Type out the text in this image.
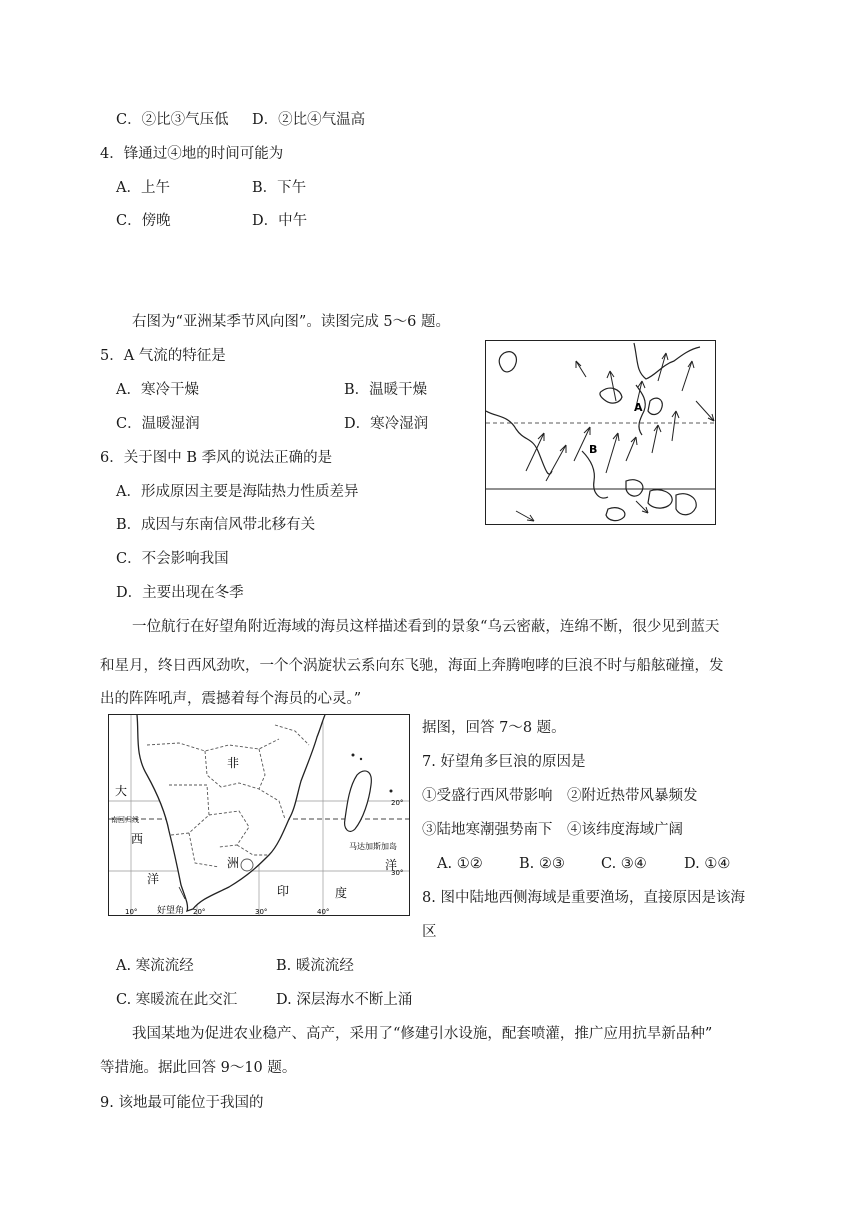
C．②比③气压低 D．②比④气温高
4．锋通过④地的时间可能为
A．上午	B．下午
C．傍晚	D．中午
右图为“亚洲某季节风向图”。读图完成 5～6 题。
5．A 气流的特征是
A．寒冷干燥	B．温暖干燥
C．温暖湿润	D．寒冷湿润
6．关于图中 B 季风的说法正确的是
A．形成原因主要是海陆热力性质差异
B．成因与东南信风带北移有关
C．不会影响我国
D．主要出现在冬季
A
B
一位航行在好望角附近海域的海员这样描述看到的景象“乌云密蔽，连绵不断，很少见到蓝天
和星月，终日西风劲吹，一个个涡旋状云系向东飞驰，海面上奔腾咆哮的巨浪不时与船舷碰撞，发
出的阵阵吼声，震撼着每个海员的心灵。”
非
洲
大
西
洋
印	度
洋
南回归线
马达加斯加岛
好望角
20°
30°
10°	20°	30°	40°
据图，回答 7～8 题。
7. 好望角多巨浪的原因是
①受盛行西风带影响　②附近热带风暴频发
③陆地寒潮强势南下　④该纬度海域广阔
A. ①②	B. ②③ C. ③④	D. ①④
8. 图中陆地西侧海域是重要渔场，直接原因是该海
区
A. 寒流流经	B. 暖流流经
C. 寒暖流在此交汇	D. 深层海水不断上涌
我国某地为促进农业稳产、高产，采用了“修建引水设施，配套喷灌，推广应用抗旱新品种”
等措施。据此回答 9～10 题。
9. 该地最可能位于我国的
